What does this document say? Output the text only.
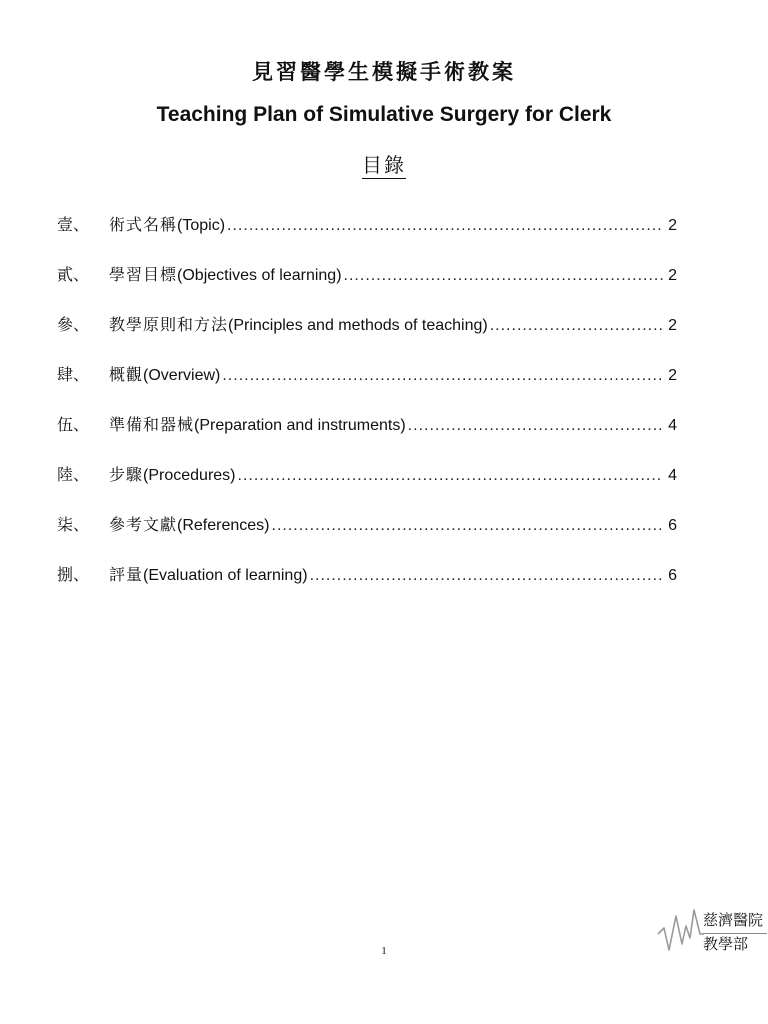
見習醫學生模擬手術教案
Teaching Plan of Simulative Surgery for Clerk
目錄
壹、	術式名稱(Topic) .....	2
貳、	學習目標(Objectives of learning) .....	2
參、	教學原則和方法(Principles and methods of teaching) .....	2
肆、	概觀(Overview) .....	2
伍、	準備和器械(Preparation and instruments) .....	4
陸、	步驟(Procedures) .....	4
柒、	參考文獻(References) .....	6
捌、	評量(Evaluation of learning) .....	6
慈濟醫院
教學部
1
